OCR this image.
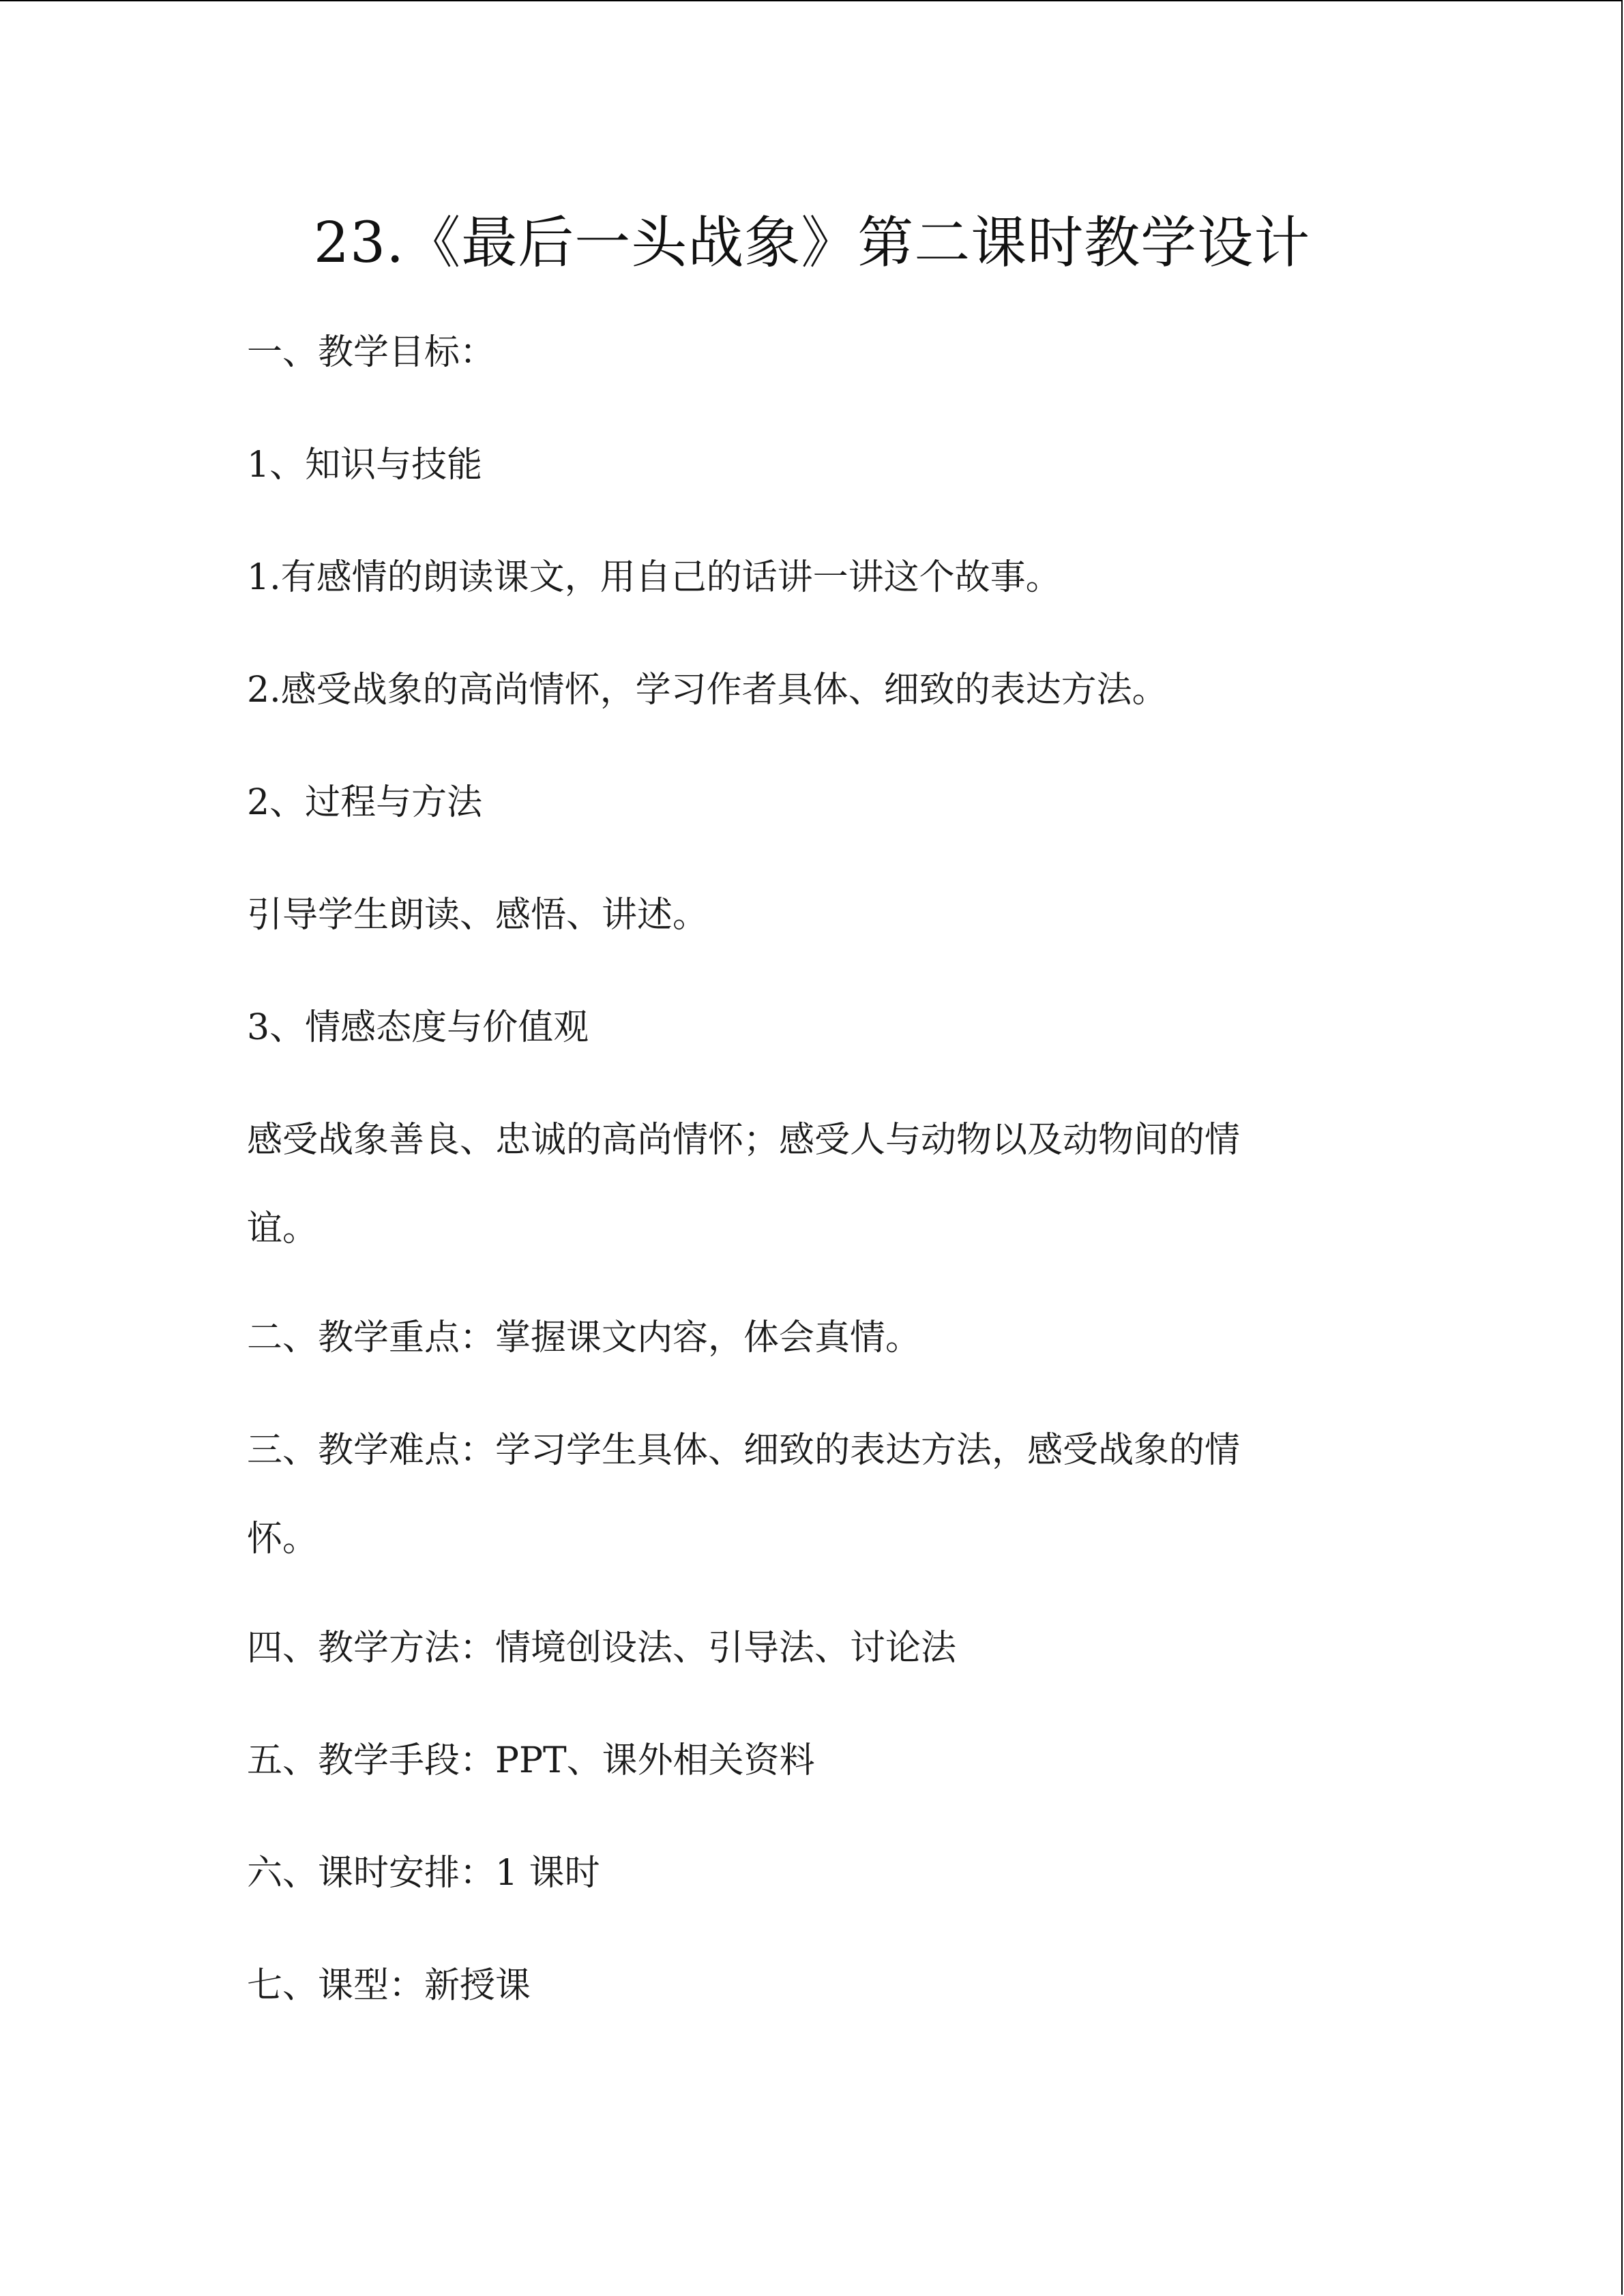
23.《最后一头战象》第二课时教学设计
一、教学目标：
1、知识与技能
1.有感情的朗读课文，用自己的话讲一讲这个故事。
2.感受战象的高尚情怀，学习作者具体、细致的表达方法。
2、过程与方法
引导学生朗读、感悟、讲述。
3、情感态度与价值观
感受战象善良、忠诚的高尚情怀；感受人与动物以及动物间的情
谊。
二、教学重点：掌握课文内容，体会真情。
三、教学难点：学习学生具体、细致的表达方法，感受战象的情
怀。
四、教学方法：情境创设法、引导法、讨论法
五、教学手段：PPT、课外相关资料
六、课时安排：1 课时
七、课型：新授课
